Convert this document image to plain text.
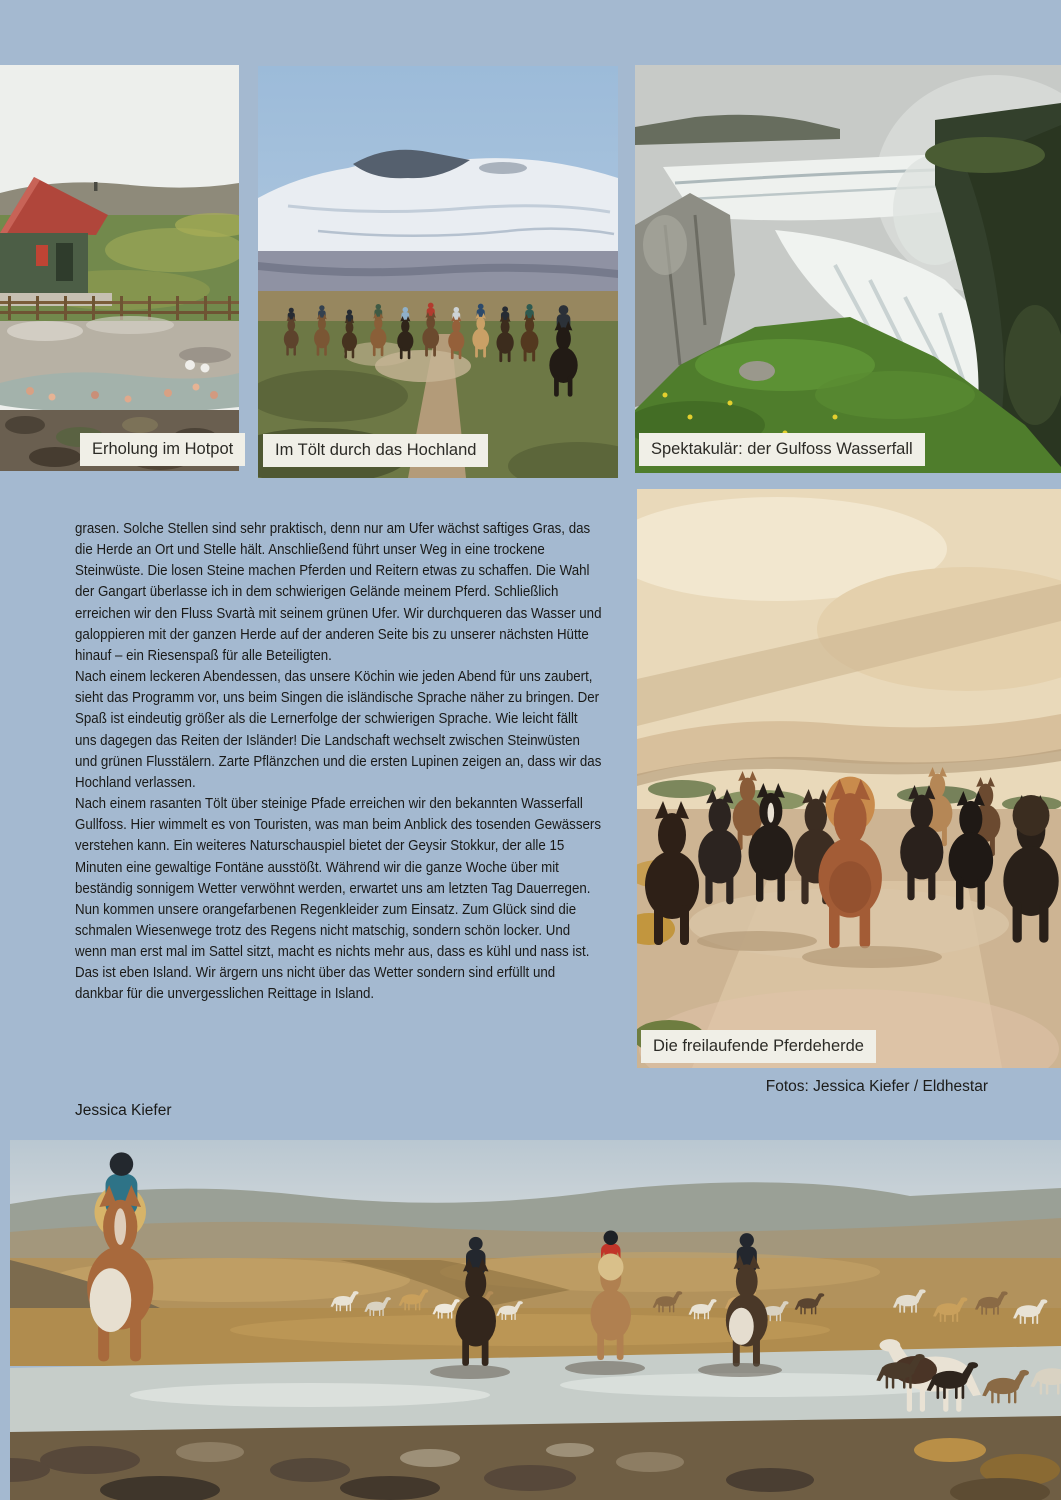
Erholung im Hotpot	Im Tölt durch das Hochland	Spektakulär: der Gulfoss Wasserfall
Die freilaufende Pferdeherde

grasen. Solche Stellen sind sehr praktisch, denn nur am Ufer wächst saftiges Gras, das die Herde an Ort und Stelle hält. Anschließend führt unser Weg in eine trockene Steinwüste. Die losen Steine machen Pferden und Reitern etwas zu schaffen. Die Wahl der Gangart überlasse ich in dem schwierigen Gelände meinem Pferd. Schließlich erreichen wir den Fluss Svartà mit seinem grünen Ufer. Wir durchqueren das Wasser und galoppieren mit der ganzen Herde auf der anderen Seite bis zu unserer nächsten Hütte hinauf – ein Riesenspaß für alle Beteiligten.

Nach einem leckeren Abendessen, das unsere Köchin wie jeden Abend für uns zaubert, sieht das Programm vor, uns beim Singen die isländische Sprache näher zu bringen. Der Spaß ist eindeutig größer als die Lernerfolge der schwierigen Sprache. Wie leicht fällt uns dagegen das Reiten der Isländer! Die Landschaft wechselt zwischen Steinwüsten und grünen Flusstälern. Zarte Pflänzchen und die ersten Lupinen zeigen an, dass wir das Hochland verlassen.

Nach einem rasanten Tölt über steinige Pfade erreichen wir den bekannten Wasserfall Gullfoss. Hier wimmelt es von Touristen, was man beim Anblick des tosenden Gewässers verstehen kann. Ein weiteres Naturschauspiel bietet der Geysir Stokkur, der alle 15 Minuten eine gewaltige Fontäne ausstößt. Während wir die ganze Woche über mit beständig sonnigem Wetter verwöhnt werden, erwartet uns am letzten Tag Dauerregen. Nun kommen unsere orangefarbenen Regenkleider zum Einsatz. Zum Glück sind die schmalen Wiesenwege trotz des Regens nicht matschig, sondern schön locker. Und wenn man erst mal im Sattel sitzt, macht es nichts mehr aus, dass es kühl und nass ist. Das ist eben Island. Wir ärgern uns nicht über das Wetter sondern sind erfüllt und dankbar für die unvergesslichen Reittage in Island.

Fotos: Jessica Kiefer / Eldhestar
Jessica Kiefer
